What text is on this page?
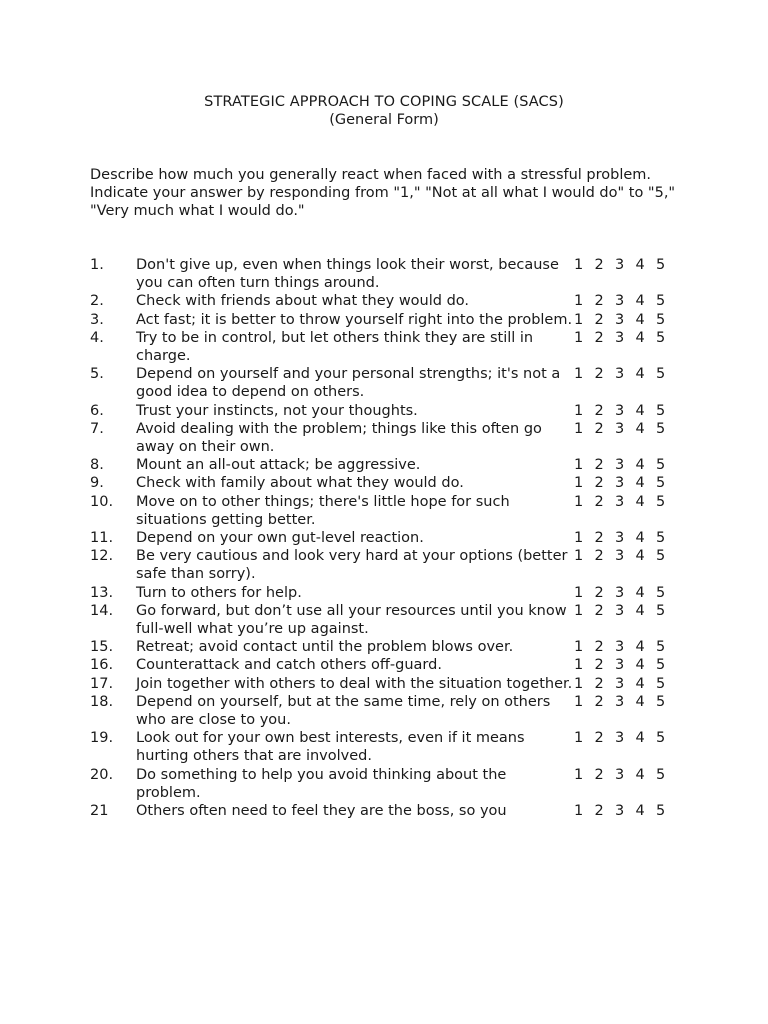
STRATEGIC APPROACH TO COPING SCALE (SACS)
(General Form)
Describe how much you generally react when faced with a stressful problem. Indicate your answer by responding from "1," "Not at all what I would do" to "5," "Very much what I would do."
1. Don't give up, even when things look their worst, because you can often turn things around.
1 2 3 4 5
2. Check with friends about what they would do.	1 2 3 4 5
3. Act fast; it is better to throw yourself right into the problem. 1 2 3 4 5
4. Try to be in control, but let others think they are still in charge.
1 2 3 4 5
5. Depend on yourself and your personal strengths; it's not a good idea to depend on others.
1 2 3 4 5
6. Trust your instincts, not your thoughts.	1 2 3 4 5
7. Avoid dealing with the problem; things like this often go away on their own.
1 2 3 4 5
8. Mount an all-out attack; be aggressive.	1 2 3 4 5
9. Check with family about what they would do.	1 2 3 4 5
10. Move on to other things; there's little hope for such situations getting better.
1 2 3 4 5
11. Depend on your own gut-level reaction.	1 2 3 4 5
12. Be very cautious and look very hard at your options (better safe than sorry).
1 2 3 4 5
13. Turn to others for help.	1 2 3 4 5
14. Go forward, but don’t use all your resources until you know full-well what you’re up against.
1 2 3 4 5
15. Retreat; avoid contact until the problem blows over.	1 2 3 4 5
16. Counterattack and catch others off-guard.	1 2 3 4 5
17. Join together with others to deal with the situation together. 1 2 3 4 5
18. Depend on yourself, but at the same time, rely on others who are close to you.
1 2 3 4 5
19. Look out for your own best interests, even if it means hurting others that are involved.
1 2 3 4 5
20. Do something to help you avoid thinking about the problem.
1 2 3 4 5
21 Others often need to feel they are the boss, so you	1 2 3 4 5
